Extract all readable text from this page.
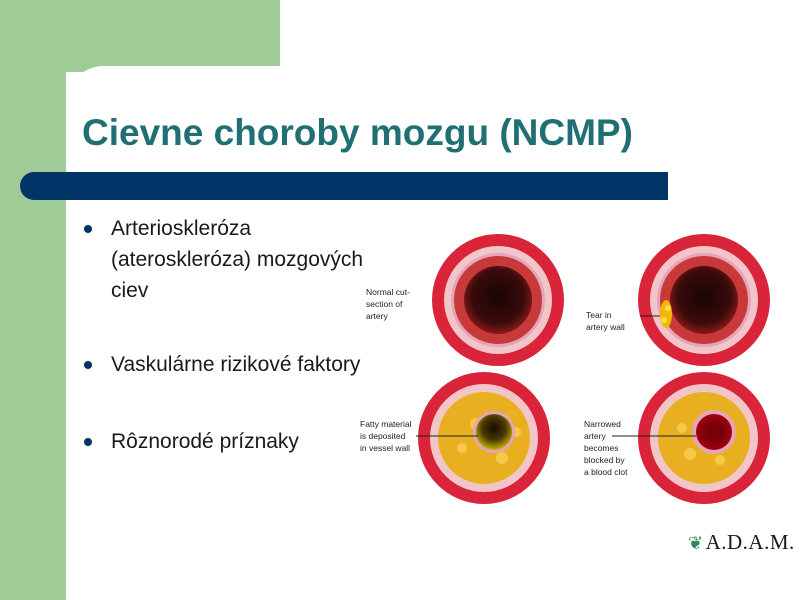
Cievne choroby mozgu (NCMP)
Arterioskleróza (ateroskleróza) mozgových ciev
Vaskulárne rizikové faktory
Rôznorodé príznaky
Normal cut-
section of
artery	Tear in
artery wall
Fatty material
is deposited
in vessel wall
Narrowed
artery
becomes
blocked by
a blood clot
❦A.D.A.M.
